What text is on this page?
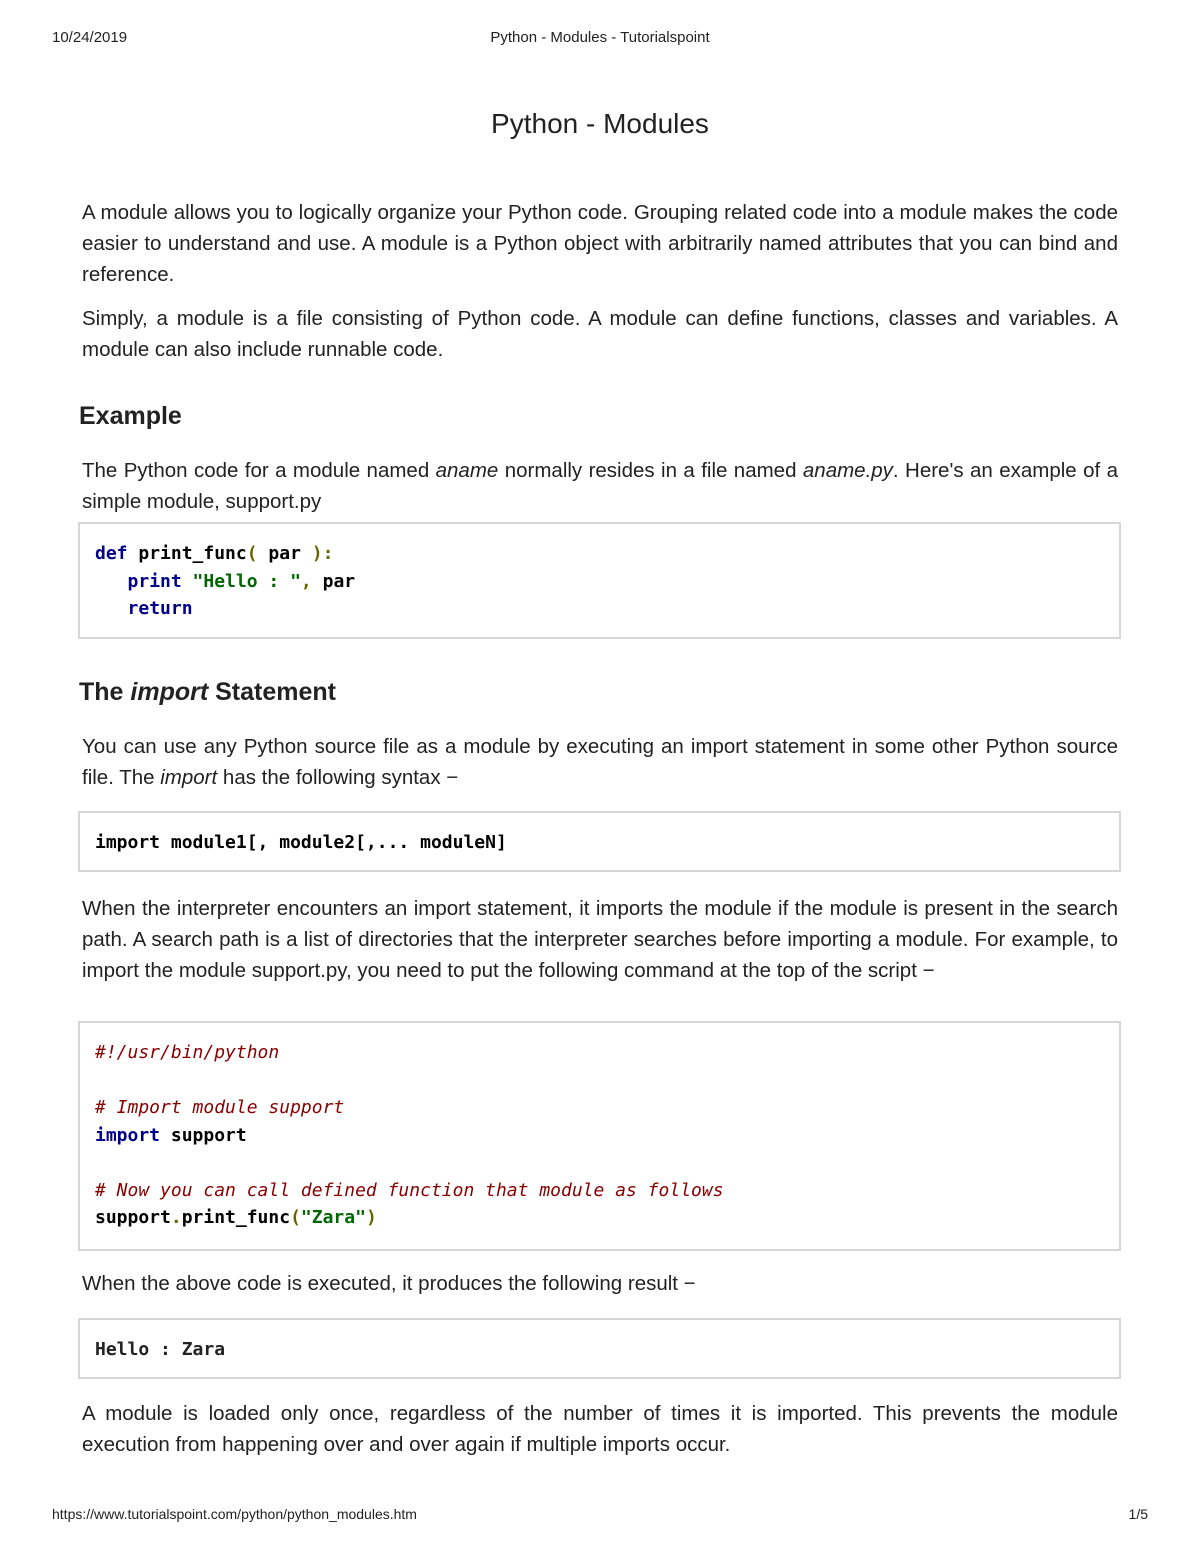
10/24/2019	Python - Modules - Tutorialspoint
Python - Modules

A module allows you to logically organize your Python code. Grouping related code into a module makes the code easier to understand and use. A module is a Python object with arbitrarily named attributes that you can bind and reference.

Simply, a module is a file consisting of Python code. A module can define functions, classes and variables. A module can also include runnable code.

Example

The Python code for a module named aname normally resides in a file named aname.py. Here's an example of a simple module, support.py

def print_func( par ):
print "Hello : ", par
return
The import Statement

You can use any Python source file as a module by executing an import statement in some other Python source file. The import has the following syntax −

import module1[, module2[,... moduleN]

When the interpreter encounters an import statement, it imports the module if the module is present in the search path. A search path is a list of directories that the interpreter searches before importing a module. For example, to import the module support.py, you need to put the following command at the top of the script −

#!/usr/bin/python

# Import module support
import support

# Now you can call defined function that module as follows
support.print_func("Zara")

When the above code is executed, it produces the following result −

Hello : Zara

A module is loaded only once, regardless of the number of times it is imported. This prevents the module execution from happening over and over again if multiple imports occur.

https://www.tutorialspoint.com/python/python_modules.htm	1/5
